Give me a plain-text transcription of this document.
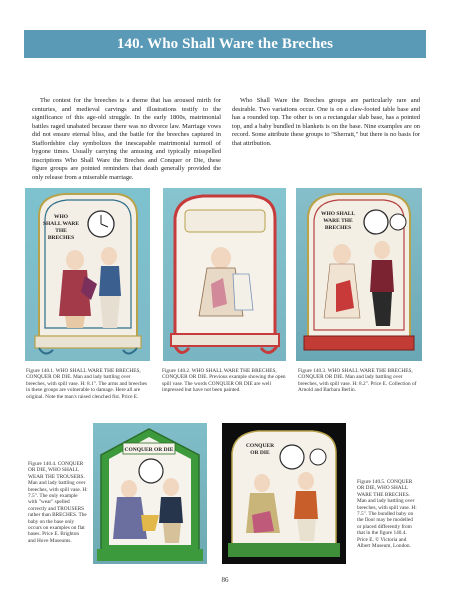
140. Who Shall Ware the Breches

The contest for the breeches is a theme that has aroused mirth for centuries, and medieval carvings and illustrations testify to the significance of this age-old struggle. In the early 1800s, matrimonial battles raged unabated because there was no divorce law. Marriage vows did not ensure eternal bliss, and the battle for the breeches captured in Staffordshire clay symbolizes the inescapable matrimonial turmoil of bygone times. Usually carrying the amusing and typically misspelled inscriptions Who Shall Ware the Breches and Conquer or Die, these figure groups are pointed reminders that death generally provided the only release from a miserable marriage.

Who Shall Ware the Breches groups are particularly rare and desirable. Two variations occur. One is on a claw-footed table base and has a rounded top. The other is on a rectangular slab base, has a pointed top, and a baby bundled in blankets is on the base. Nine examples are on record. Some attribute these groups to "Sherratt," but there is no basis for that attribution.

WHO
SHALL WARE
THE
BRECHES
WHO SHALL
WARE THE
BRECHES
CONQUER OR DIE
CONQUER
OR DIE
Figure 140.1. WHO SHALL WARE THE BRECHES, CONQUER OR DIE. Man and lady battling over breeches, with spill vase. H: 8.1". The arms and breeches in these groups are vulnerable to damage. Here all are original. Note the man's raised clenched fist. Price E.
Figure 140.2. WHO SHALL WARE THE BRECHES, CONQUER OR DIE. Previous example showing the open spill vase. The words CONQUER OR DIE are well impressed but have not been painted.
Figure 140.3. WHO SHALL WARE THE BRECHES, CONQUER OR DIE. Man and lady battling over breeches, with spill vase. H: 8.2". Price E. Collection of Arnold and Barbara Berlin.
Figure 140.4. CONQUER OR DIE, WHO SHALL WEAR THE TROUSERS. Man and lady battling over breeches, with spill vase. H: 7.5". The only example with "wear" spelled correctly and TROUSERS rather than BRECHES. The baby on the base only occurs on examples on flat bases. Price E. Brighton and Hove Museums.
Figure 140.5. CONQUER OR DIE, WHO SHALL WARE THE BRECHES. Man and lady battling over breeches, with spill vase. H: 7.5". The bundled baby on the floor may be modelled or placed differently from that in the figure 140.4. Price E. © Victoria and Albert Museum, London.
86
